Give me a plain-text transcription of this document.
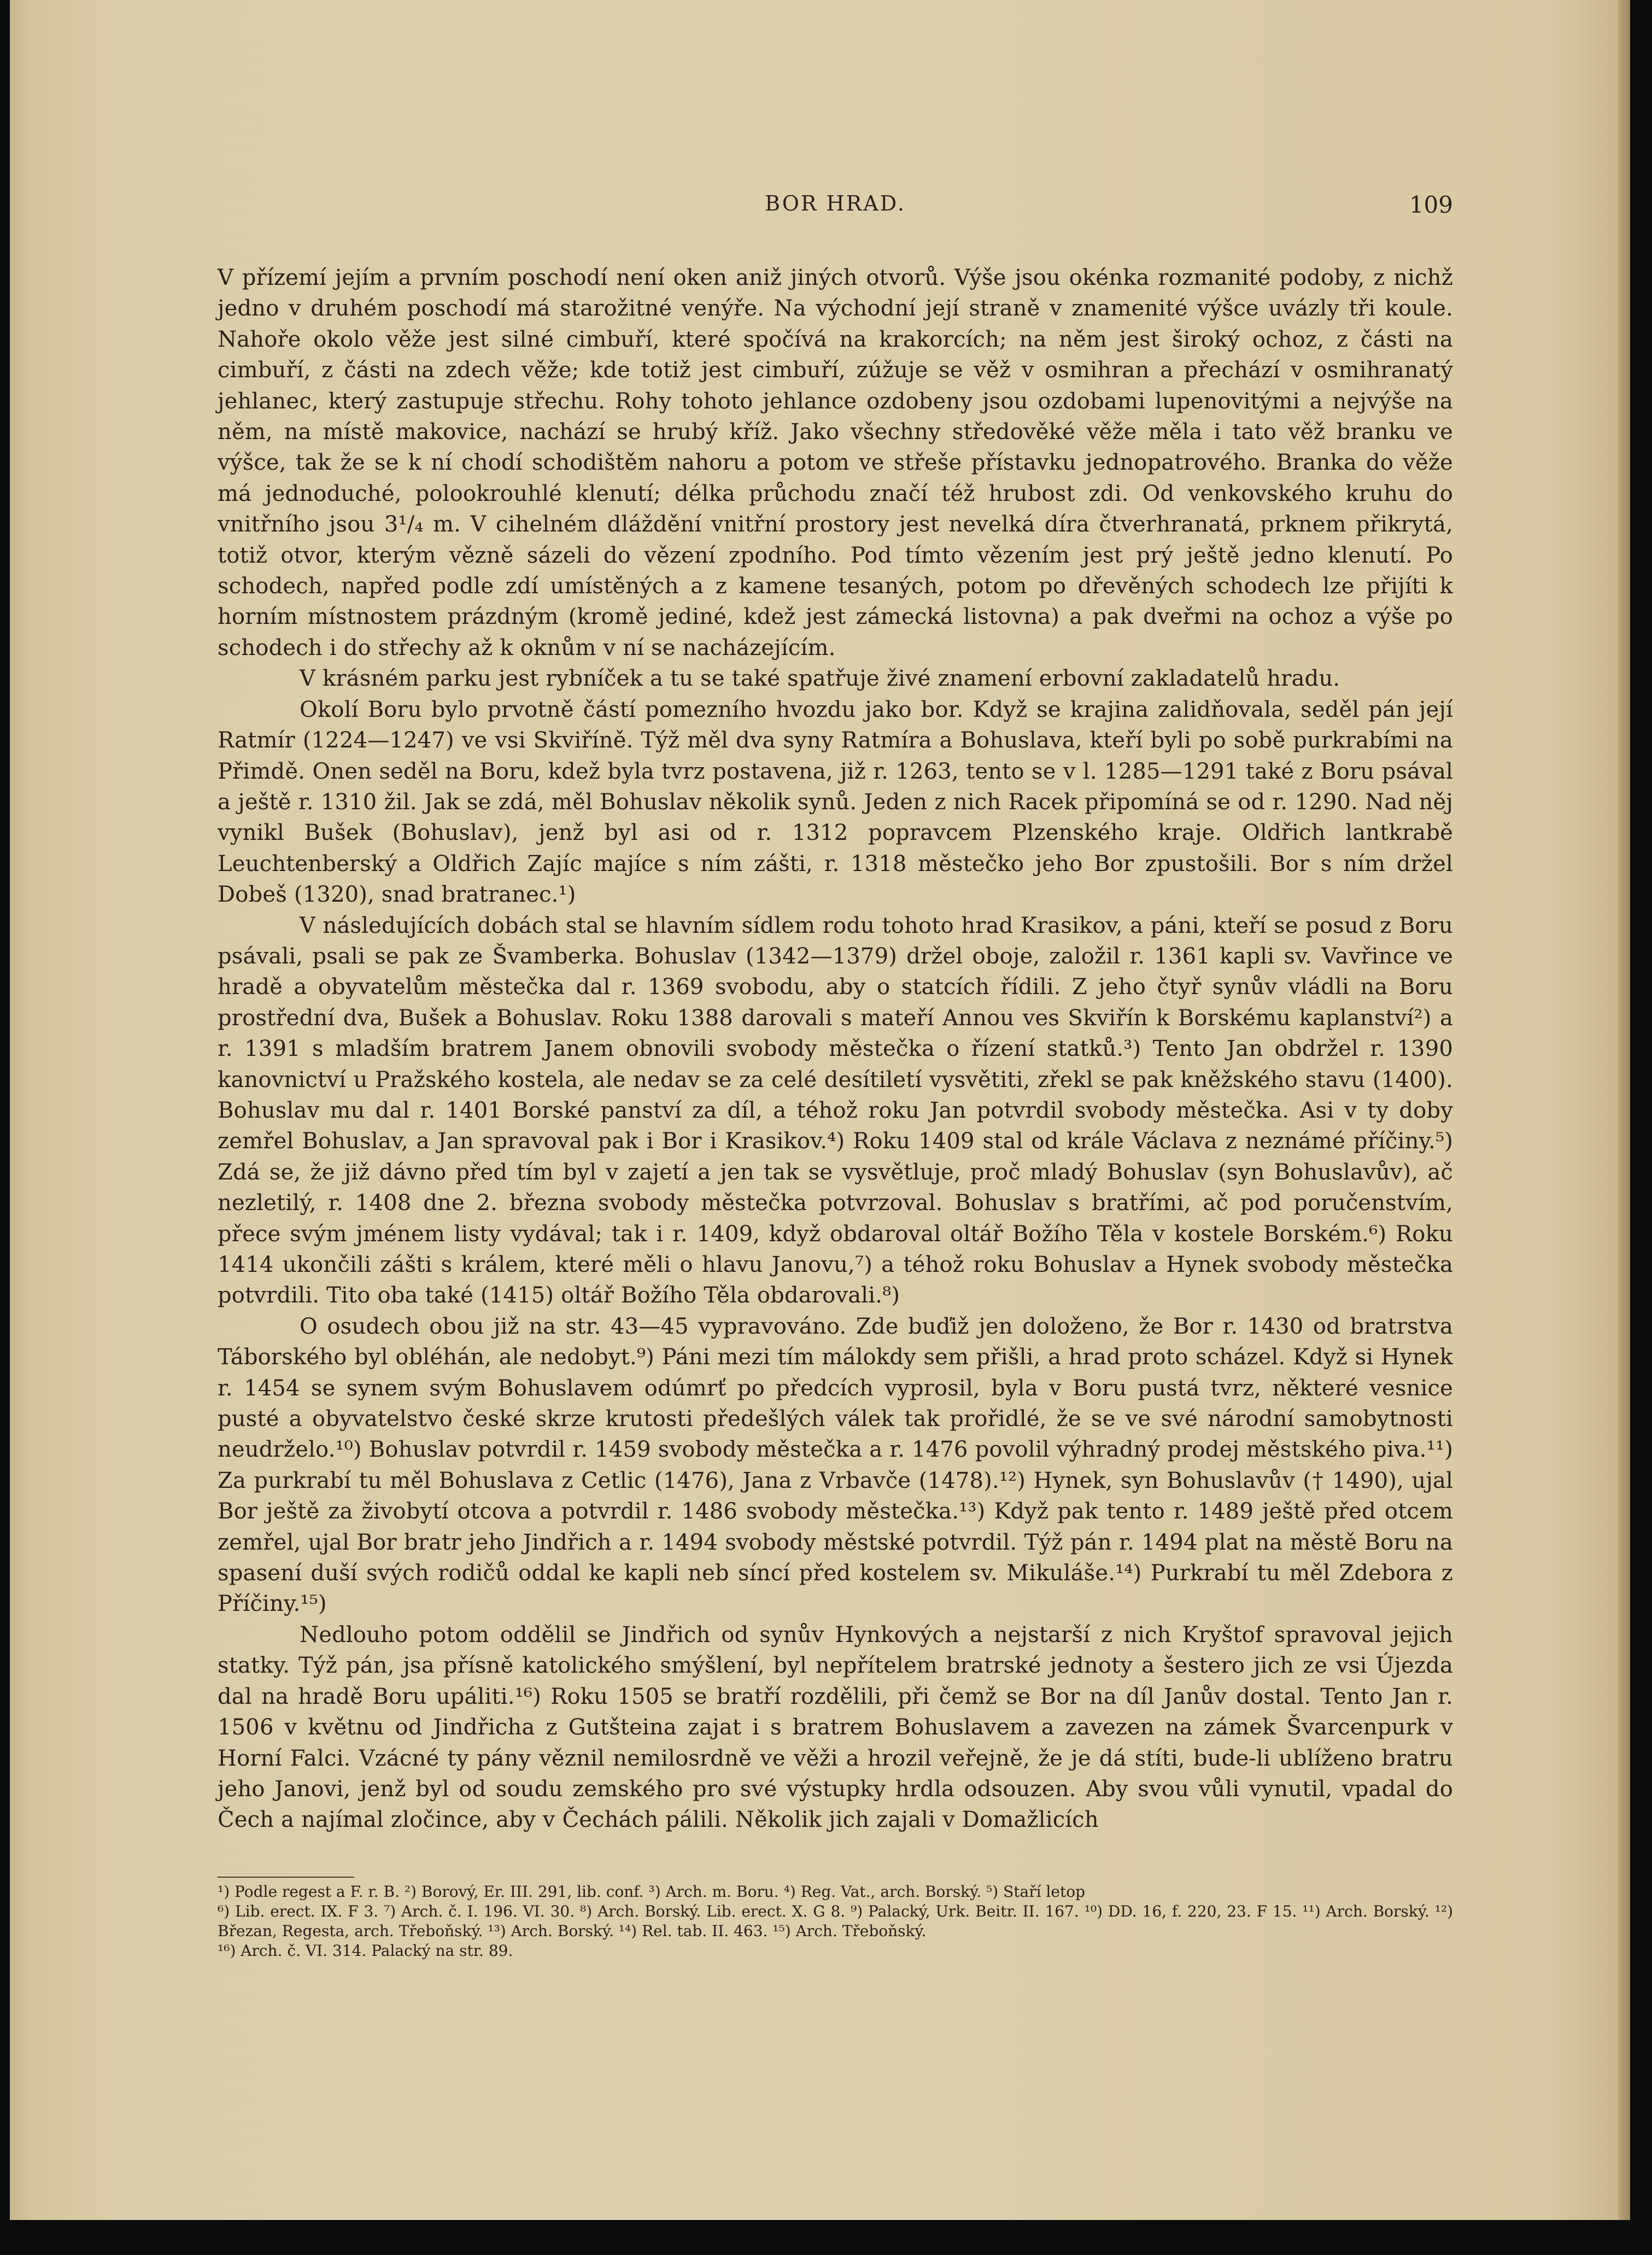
BOR HRAD.	109

V přízemí jejím a prvním poschodí není oken aniž jiných otvorů. Výše jsou okénka rozmanité podoby, z nichž jedno v druhém poschodí má starožitné venýře. Na východní její straně v znamenité výšce uvázly tři koule. Nahoře okolo věže jest silné cimbuří, které spočívá na krakorcích; na něm jest široký ochoz, z části na cimbuří, z části na zdech věže; kde totiž jest cimbuří, zúžuje se věž v osmihran a přechází v osmihranatý jehlanec, který zastupuje střechu. Rohy tohoto jehlance ozdobeny jsou ozdobami lupenovitými a nejvýše na něm, na místě makovice, nachází se hrubý kříž. Jako všechny středověké věže měla i tato věž branku ve výšce, tak že se k ní chodí schodištěm nahoru a potom ve střeše přístavku jednopatrového. Branka do věže má jednoduché, polookrouhlé klenutí; délka průchodu značí též hrubost zdi. Od venkovského kruhu do vnitřního jsou 3¹/₄ m. V cihelném dláždění vnitřní prostory jest nevelká díra čtverhranatá, prknem přikrytá, totiž otvor, kterým vězně sázeli do vězení zpodního. Pod tímto vězením jest prý ještě jedno klenutí. Po schodech, napřed podle zdí umístěných a z kamene tesaných, potom po dřevěných schodech lze přijíti k horním místnostem prázdným (kromě jediné, kdež jest zámecká listovna) a pak dveřmi na ochoz a výše po schodech i do střechy až k oknům v ní se nacházejícím.

V krásném parku jest rybníček a tu se také spatřuje živé znamení erbovní zakladatelů hradu.

Okolí Boru bylo prvotně částí pomezního hvozdu jako bor. Když se krajina zalidňovala, seděl pán její Ratmír (1224—1247) ve vsi Skviříně. Týž měl dva syny Ratmíra a Bohuslava, kteří byli po sobě purkrabími na Přimdě. Onen seděl na Boru, kdež byla tvrz postavena, již r. 1263, tento se v l. 1285—1291 také z Boru psával a ještě r. 1310 žil. Jak se zdá, měl Bohuslav několik synů. Jeden z nich Racek připomíná se od r. 1290. Nad něj vynikl Bušek (Bohuslav), jenž byl asi od r. 1312 popravcem Plzenského kraje. Oldřich lantkrabě Leuchtenberský a Oldřich Zajíc majíce s ním zášti, r. 1318 městečko jeho Bor zpustošili. Bor s ním držel Dobeš (1320), snad bratranec.¹)

V následujících dobách stal se hlavním sídlem rodu tohoto hrad Krasikov, a páni, kteří se posud z Boru psávali, psali se pak ze Švamberka. Bohuslav (1342—1379) držel oboje, založil r. 1361 kapli sv. Vavřince ve hradě a obyvatelům městečka dal r. 1369 svobodu, aby o statcích řídili. Z jeho čtyř synův vládli na Boru prostřední dva, Bušek a Bohuslav. Roku 1388 darovali s mateří Annou ves Skviřín k Borskému kaplanství²) a r. 1391 s mladším bratrem Janem obnovili svobody městečka o řízení statků.³) Tento Jan obdržel r. 1390 kanovnictví u Pražského kostela, ale nedav se za celé desítiletí vysvětiti, zřekl se pak kněžského stavu (1400). Bohuslav mu dal r. 1401 Borské panství za díl, a téhož roku Jan potvrdil svobody městečka. Asi v ty doby zemřel Bohuslav, a Jan spravoval pak i Bor i Krasikov.⁴) Roku 1409 stal od krále Václava z neznámé příčiny.⁵) Zdá se, že již dávno před tím byl v zajetí a jen tak se vysvětluje, proč mladý Bohuslav (syn Bohuslavův), ač nezletilý, r. 1408 dne 2. března svobody městečka potvrzoval. Bohuslav s bratřími, ač pod poručenstvím, přece svým jménem listy vydával; tak i r. 1409, když obdaroval oltář Božího Těla v kostele Borském.⁶) Roku 1414 ukončili zášti s králem, které měli o hlavu Janovu,⁷) a téhož roku Bohuslav a Hynek svobody městečka potvrdili. Tito oba také (1415) oltář Božího Těla obdarovali.⁸)

O osudech obou již na str. 43—45 vypravováno. Zde buďiž jen doloženo, že Bor r. 1430 od bratrstva Táborského byl obléhán, ale nedobyt.⁹) Páni mezi tím málokdy sem přišli, a hrad proto scházel. Když si Hynek r. 1454 se synem svým Bohuslavem odúmrť po předcích vyprosil, byla v Boru pustá tvrz, některé vesnice pusté a obyvatelstvo české skrze krutosti předešlých válek tak prořidlé, že se ve své národní samobytnosti neudrželo.¹⁰) Bohuslav potvrdil r. 1459 svobody městečka a r. 1476 povolil výhradný prodej městského piva.¹¹) Za purkrabí tu měl Bohuslava z Cetlic (1476), Jana z Vrbavče (1478).¹²) Hynek, syn Bohuslavův († 1490), ujal Bor ještě za živobytí otcova a potvrdil r. 1486 svobody městečka.¹³) Když pak tento r. 1489 ještě před otcem zemřel, ujal Bor bratr jeho Jindřich a r. 1494 svobody městské potvrdil. Týž pán r. 1494 plat na městě Boru na spasení duší svých rodičů oddal ke kapli neb síncí před kostelem sv. Mikuláše.¹⁴) Purkrabí tu měl Zdebora z Příčiny.¹⁵)

Nedlouho potom oddělil se Jindřich od synův Hynkových a nejstarší z nich Kryštof spravoval jejich statky. Týž pán, jsa přísně katolického smýšlení, byl nepřítelem bratrské jednoty a šestero jich ze vsi Újezda dal na hradě Boru upáliti.¹⁶) Roku 1505 se bratří rozdělili, při čemž se Bor na díl Janův dostal. Tento Jan r. 1506 v květnu od Jindřicha z Gutšteina zajat i s bratrem Bohuslavem a zavezen na zámek Švarcenpurk v Horní Falci. Vzácné ty pány věznil nemilosrdně ve věži a hrozil veřejně, že je dá stíti, bude-li ublíženo bratru jeho Janovi, jenž byl od soudu zemského pro své výstupky hrdla odsouzen. Aby svou vůli vynutil, vpadal do Čech a najímal zločince, aby v Čechách pálili. Několik jich zajali v Domažlicích

¹) Podle regest a F. r. B. ²) Borový, Er. III. 291, lib. conf. ³) Arch. m. Boru. ⁴) Reg. Vat., arch. Borský. ⁵) Staří letop

⁶) Lib. erect. IX. F 3. ⁷) Arch. č. I. 196. VI. 30. ⁸) Arch. Borský. Lib. erect. X. G 8. ⁹) Palacký, Urk. Beitr. II. 167. ¹⁰) DD. 16, f. 220, 23. F 15. ¹¹) Arch. Borský. ¹²) Březan, Regesta, arch. Třeboňský. ¹³) Arch. Borský. ¹⁴) Rel. tab. II. 463. ¹⁵) Arch. Třeboňský.

¹⁶) Arch. č. VI. 314. Palacký na str. 89.
